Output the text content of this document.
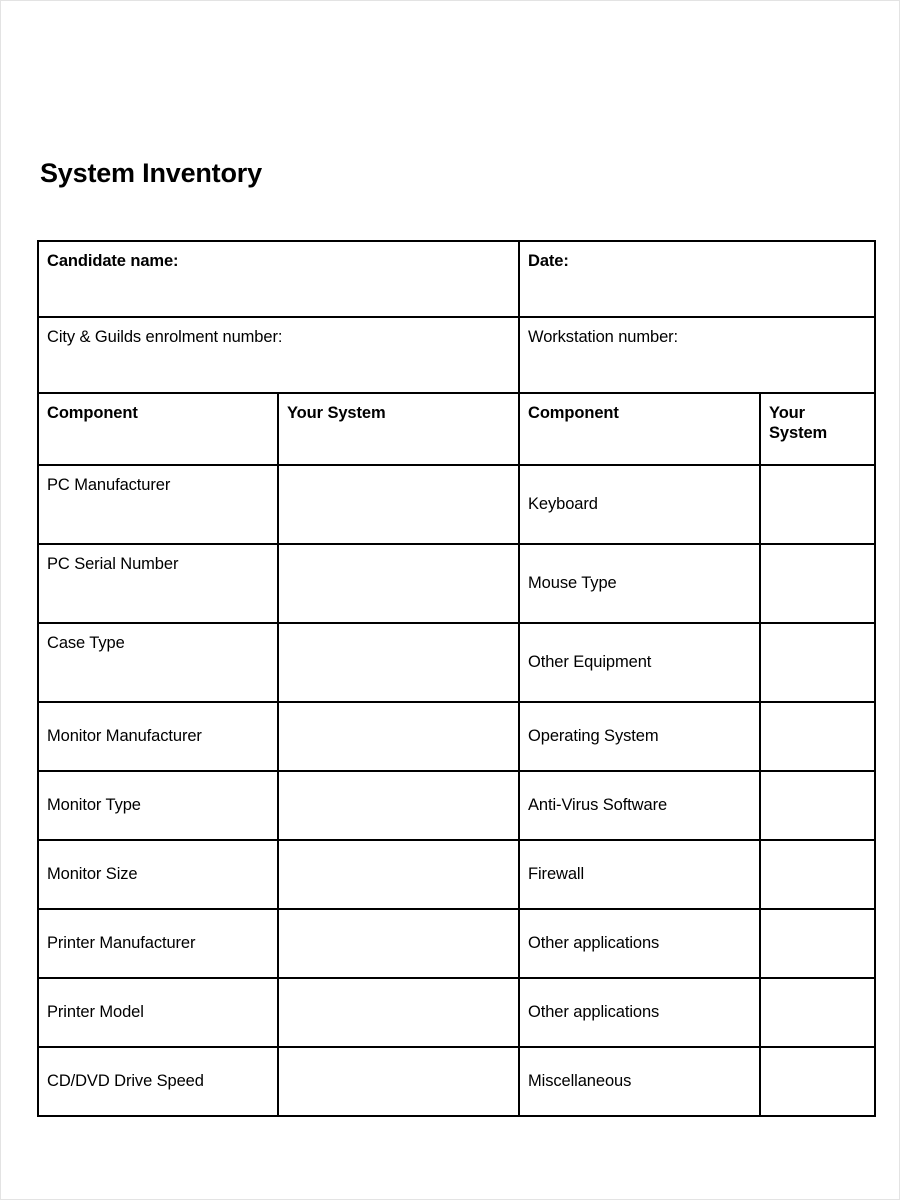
System Inventory
Candidate name:		Date:	
City & Guilds enrolment number:		Workstation number:	
Component	Your System	Component	Your System
PC Manufacturer		Keyboard	
PC Serial Number		Mouse Type	
Case Type		Other Equipment	
Monitor Manufacturer		Operating System	
Monitor Type		Anti-Virus Software	
Monitor Size		Firewall	
Printer Manufacturer		Other applications	
Printer Model		Other applications	
CD/DVD Drive Speed		Miscellaneous	
